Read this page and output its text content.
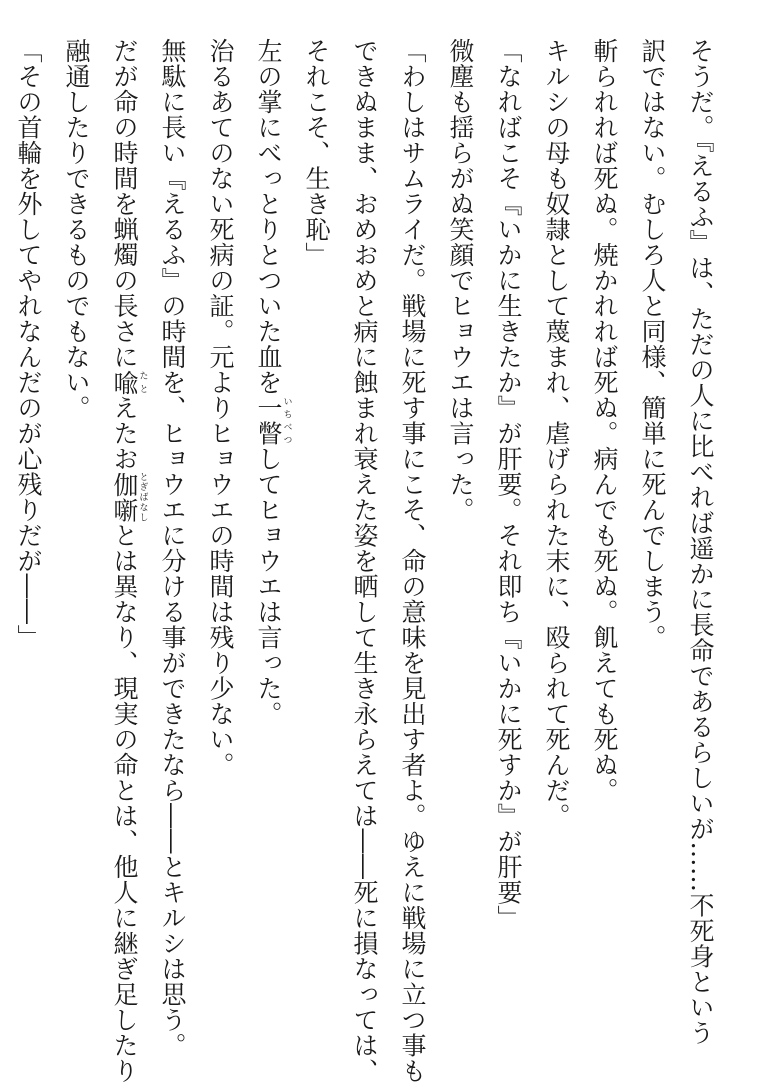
そうだ。『えるふ』は、ただの人に比べれば遥かに長命であるらしいが……不死身という
訳ではない。むしろ人と同様、簡単に死んでしまう。
斬られれば死ぬ。焼かれれば死ぬ。病んでも死ぬ。飢えても死ぬ。
キルシの母も奴隷として蔑まれ、虐げられた末に、殴られて死んだ。
「なればこそ『いかに生きたか』が肝要。それ即ち『いかに死すか』が肝要」
微塵も揺らがぬ笑顔でヒョウエは言った。
「わしはサムライだ。戦場に死す事にこそ、命の意味を見出す者よ。ゆえに戦場に立つ事も
できぬまま、おめおめと病に蝕まれ衰えた姿を晒して生き永らえては――死に損なっては、
それこそ、生き恥」
左の掌にべっとりとついた血を一瞥いちべつしてヒョウエは言った。
治るあてのない死病の証。元よりヒョウエの時間は残り少ない。
無駄に長い『えるふ』の時間を、ヒョウエに分ける事ができたなら――とキルシは思う。
だが命の時間を蝋燭の長さに喩たとえたお伽噺とぎばなしとは異なり、現実の命とは、他人に継ぎ足したり
融通したりできるものでもない。
「その首輪を外してやれなんだのが心残りだが――」
